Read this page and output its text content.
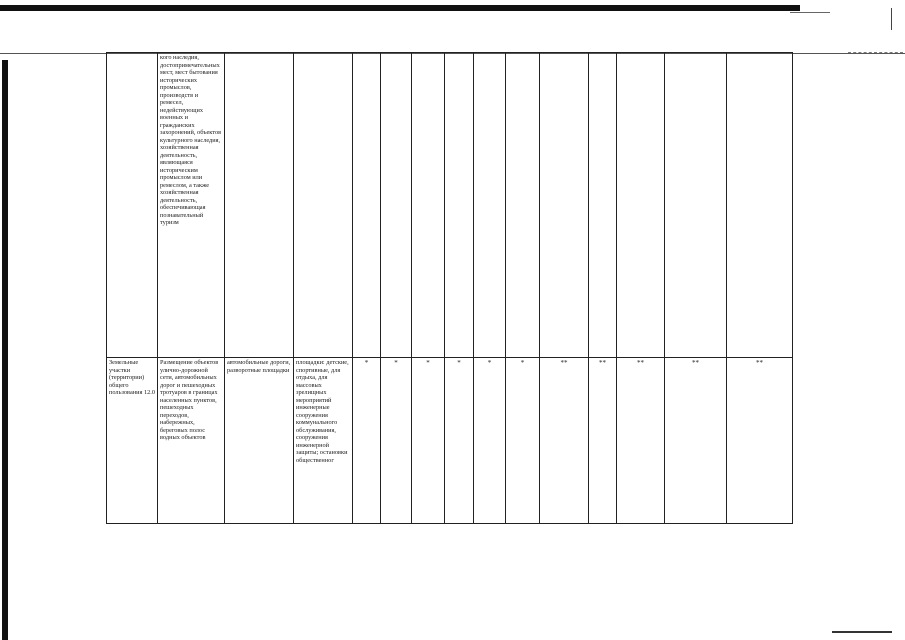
	кого наследия, достопримечательных мест, мест бытования исторических промыслов, производств и ремесел, недействующих военных и гражданских захоронений, объектов культурного наследия, хозяйственная деятельность, являющаяся историческим промыслом или ремеслом, а также хозяйственная деятельность, обеспечивающая познавательный туризм													
Земельные участки (территории) общего пользования 12.0	Размещение объектов улично-дорожной сети, автомобильных дорог и пешеходных тротуаров в границах населенных пунктов, пешеходных переходов, набережных, береговых полос водных объектов	автомобильные дороги, разворотные площадки	площадки: детские, спортивные, для отдыха, для массовых зрелищных мероприятий инженерные сооружения коммунального обслуживания, сооружения инженерной защиты; остановки общественног	*	*	*	*	*	*	**	**	**	**	**
